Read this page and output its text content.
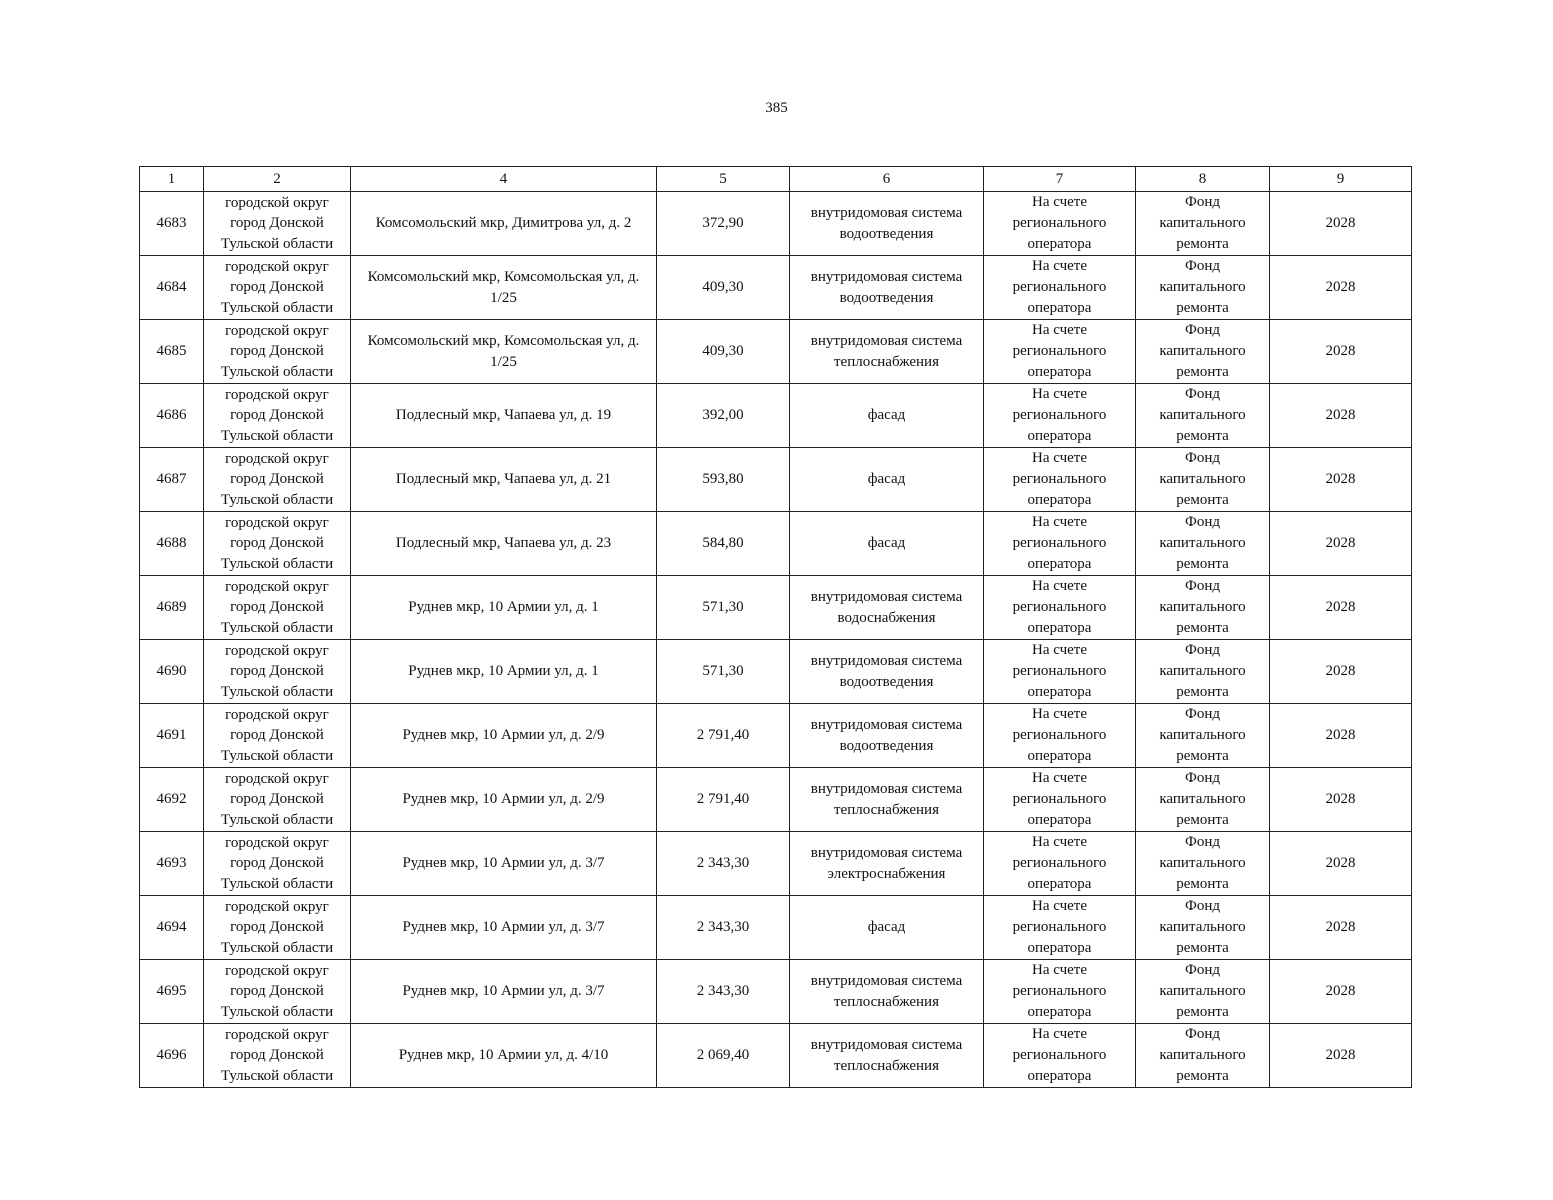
385
1	2	4	5	6	7	8	9
4683	городской округ
город Донской
Тульской области	Комсомольский мкр, Димитрова ул, д. 2	372,90	внутридомовая система
водоотведения	На счете
регионального
оператора	Фонд
капитального
ремонта	2028
4684	городской округ
город Донской
Тульской области	Комсомольский мкр, Комсомольская ул, д. 1/25	409,30	внутридомовая система
водоотведения	На счете
регионального
оператора	Фонд
капитального
ремонта	2028
4685	городской округ
город Донской
Тульской области	Комсомольский мкр, Комсомольская ул, д. 1/25	409,30	внутридомовая система
теплоснабжения	На счете
регионального
оператора	Фонд
капитального
ремонта	2028
4686	городской округ
город Донской
Тульской области	Подлесный мкр, Чапаева ул, д. 19	392,00	фасад	На счете
регионального
оператора	Фонд
капитального
ремонта	2028
4687	городской округ
город Донской
Тульской области	Подлесный мкр, Чапаева ул, д. 21	593,80	фасад	На счете
регионального
оператора	Фонд
капитального
ремонта	2028
4688	городской округ
город Донской
Тульской области	Подлесный мкр, Чапаева ул, д. 23	584,80	фасад	На счете
регионального
оператора	Фонд
капитального
ремонта	2028
4689	городской округ
город Донской
Тульской области	Руднев мкр, 10 Армии ул, д. 1	571,30	внутридомовая система
водоснабжения	На счете
регионального
оператора	Фонд
капитального
ремонта	2028
4690	городской округ
город Донской
Тульской области	Руднев мкр, 10 Армии ул, д. 1	571,30	внутридомовая система
водоотведения	На счете
регионального
оператора	Фонд
капитального
ремонта	2028
4691	городской округ
город Донской
Тульской области	Руднев мкр, 10 Армии ул, д. 2/9	2 791,40	внутридомовая система
водоотведения	На счете
регионального
оператора	Фонд
капитального
ремонта	2028
4692	городской округ
город Донской
Тульской области	Руднев мкр, 10 Армии ул, д. 2/9	2 791,40	внутридомовая система
теплоснабжения	На счете
регионального
оператора	Фонд
капитального
ремонта	2028
4693	городской округ
город Донской
Тульской области	Руднев мкр, 10 Армии ул, д. 3/7	2 343,30	внутридомовая система
электроснабжения	На счете
регионального
оператора	Фонд
капитального
ремонта	2028
4694	городской округ
город Донской
Тульской области	Руднев мкр, 10 Армии ул, д. 3/7	2 343,30	фасад	На счете
регионального
оператора	Фонд
капитального
ремонта	2028
4695	городской округ
город Донской
Тульской области	Руднев мкр, 10 Армии ул, д. 3/7	2 343,30	внутридомовая система
теплоснабжения	На счете
регионального
оператора	Фонд
капитального
ремонта	2028
4696	городской округ
город Донской
Тульской области	Руднев мкр, 10 Армии ул, д. 4/10	2 069,40	внутридомовая система
теплоснабжения	На счете
регионального
оператора	Фонд
капитального
ремонта	2028
